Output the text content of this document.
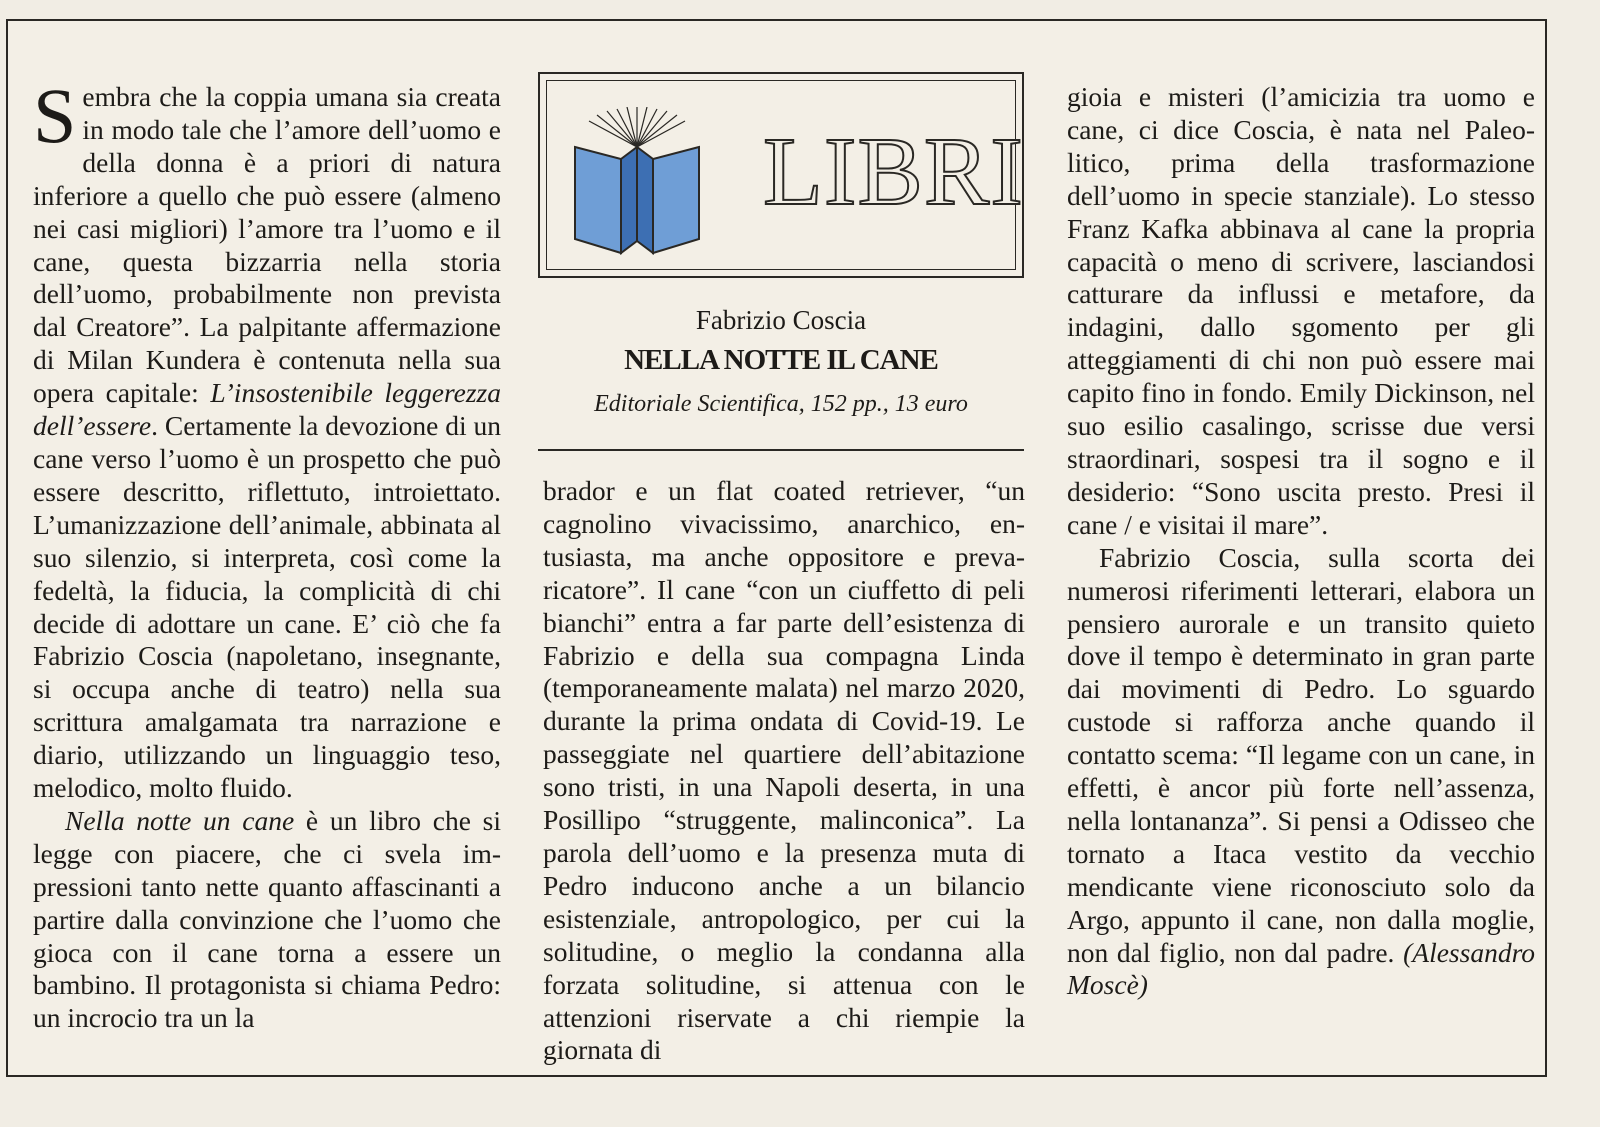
Sembra che la coppia umana sia creata in modo tale che l’amore dell’uomo e della donna è a priori di natura inferiore a quello che può essere (almeno nei casi migliori) l’amore tra l’uomo e il cane, questa bizzarria nella storia dell’uomo, probabilmente non prevista dal Creatore”. La palpitante affermazione di Milan Kundera è contenuta nella sua opera capitale: L’insostenibile leggerezza dell’essere. Certamente la devozione di un cane verso l’uomo è un prospetto che può essere descritto, riflettuto, introiettato. L’umanizzazione dell’animale, abbinata al suo silenzio, si interpreta, così come la fedeltà, la fiducia, la complicità di chi decide di adottare un cane. E’ ciò che fa Fabrizio Coscia (napoletano, insegnante, si occupa anche di teatro) nella sua scrittura amalgamata tra narrazione e diario, utilizzando un linguaggio teso, melodico, molto fluido.

Nella notte un cane è un libro che si legge con piacere, che ci svela impressioni tanto nette quanto affascinanti a partire dalla convinzione che l’uomo che gioca con il cane torna a essere un bambino. Il protagonista si chiama Pedro: un incrocio tra un la

LIBRI
Fabrizio Coscia
NELLA NOTTE IL CANE
Editoriale Scientifica, 152 pp., 13 euro

brador e un flat coated retriever, “un cagnolino vivacissimo, anarchico, entusiasta, ma anche oppositore e prevaricatore”. Il cane “con un ciuffetto di peli bianchi” entra a far parte dell’esistenza di Fabrizio e della sua compagna Linda (temporaneamente malata) nel marzo 2020, durante la prima ondata di Covid-19. Le passeggiate nel quartiere dell’abitazione sono tristi, in una Napoli deserta, in una Posillipo “struggente, malinconica”. La parola dell’uomo e la presenza muta di Pedro inducono anche a un bilancio esistenziale, antropologico, per cui la solitudine, o meglio la condanna alla forzata solitudine, si attenua con le attenzioni riservate a chi riempie la giornata di

gioia e misteri (l’amicizia tra uomo e cane, ci dice Coscia, è nata nel Paleolitico, prima della trasformazione dell’uomo in specie stanziale). Lo stesso Franz Kafka abbinava al cane la propria capacità o meno di scrivere, lasciandosi catturare da influssi e metafore, da indagini, dallo sgomento per gli atteggiamenti di chi non può essere mai capito fino in fondo. Emily Dickinson, nel suo esilio casalingo, scrisse due versi straordinari, sospesi tra il sogno e il desiderio: “Sono uscita presto. Presi il cane / e visitai il mare”.

Fabrizio Coscia, sulla scorta dei numerosi riferimenti letterari, elabora un pensiero aurorale e un transito quieto dove il tempo è determinato in gran parte dai movimenti di Pedro. Lo sguardo custode si rafforza anche quando il contatto scema: “Il legame con un cane, in effetti, è ancor più forte nell’assenza, nella lontananza”. Si pensi a Odisseo che tornato a Itaca vestito da vecchio mendicante viene riconosciuto solo da Argo, appunto il cane, non dalla moglie, non dal figlio, non dal padre. (Alessandro Moscè)
